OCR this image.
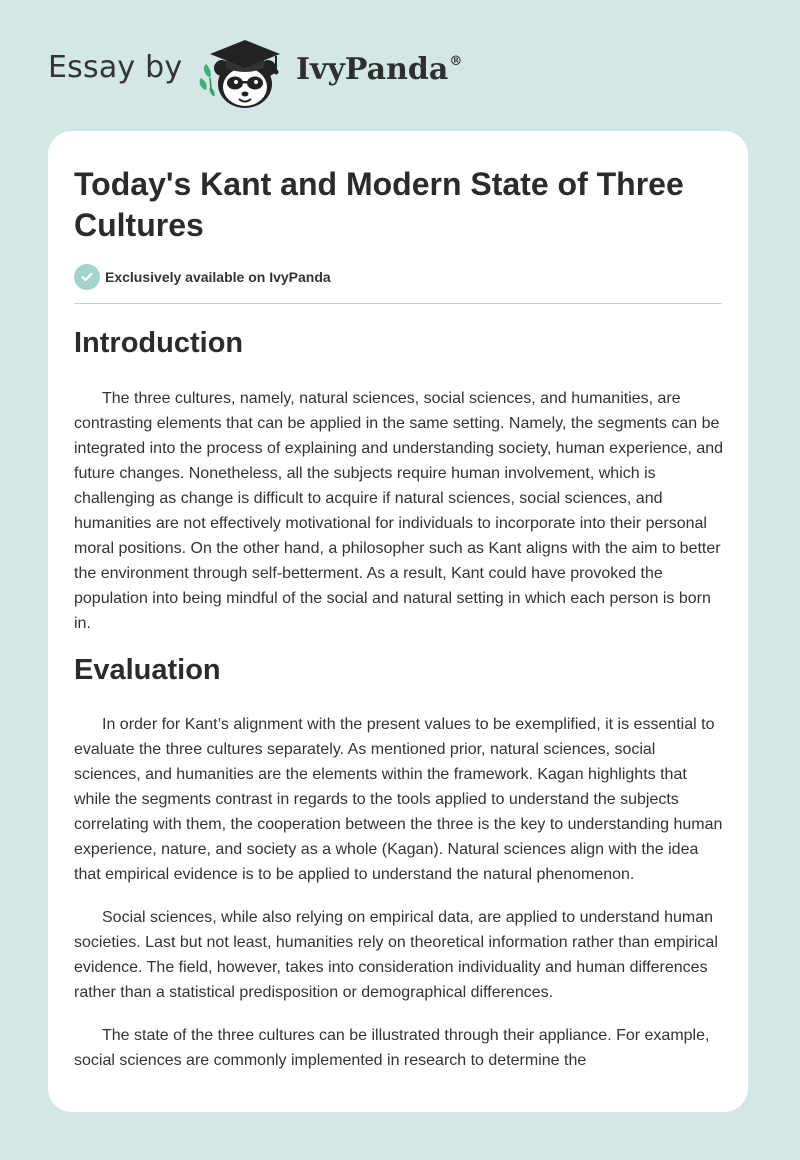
Essay by	IvyPanda®
Today's Kant and Modern State of Three Cultures
Exclusively available on IvyPanda
Introduction

The three cultures, namely, natural sciences, social sciences, and humanities, are contrasting elements that can be applied in the same setting. Namely, the segments can be integrated into the process of explaining and understanding society, human experience, and future changes. Nonetheless, all the subjects require human involvement, which is challenging as change is difficult to acquire if natural sciences, social sciences, and humanities are not effectively motivational for individuals to incorporate into their personal moral positions. On the other hand, a philosopher such as Kant aligns with the aim to better the environment through self-betterment. As a result, Kant could have provoked the population into being mindful of the social and natural setting in which each person is born in.

Evaluation

In order for Kant’s alignment with the present values to be exemplified, it is essential to evaluate the three cultures separately. As mentioned prior, natural sciences, social sciences, and humanities are the elements within the framework. Kagan highlights that while the segments contrast in regards to the tools applied to understand the subjects correlating with them, the cooperation between the three is the key to understanding human experience, nature, and society as a whole (Kagan). Natural sciences align with the idea that empirical evidence is to be applied to understand the natural phenomenon.

Social sciences, while also relying on empirical data, are applied to understand human societies. Last but not least, humanities rely on theoretical information rather than empirical evidence. The field, however, takes into consideration individuality and human differences rather than a statistical predisposition or demographical differences.

The state of the three cultures can be illustrated through their appliance. For example, social sciences are commonly implemented in research to determine the
